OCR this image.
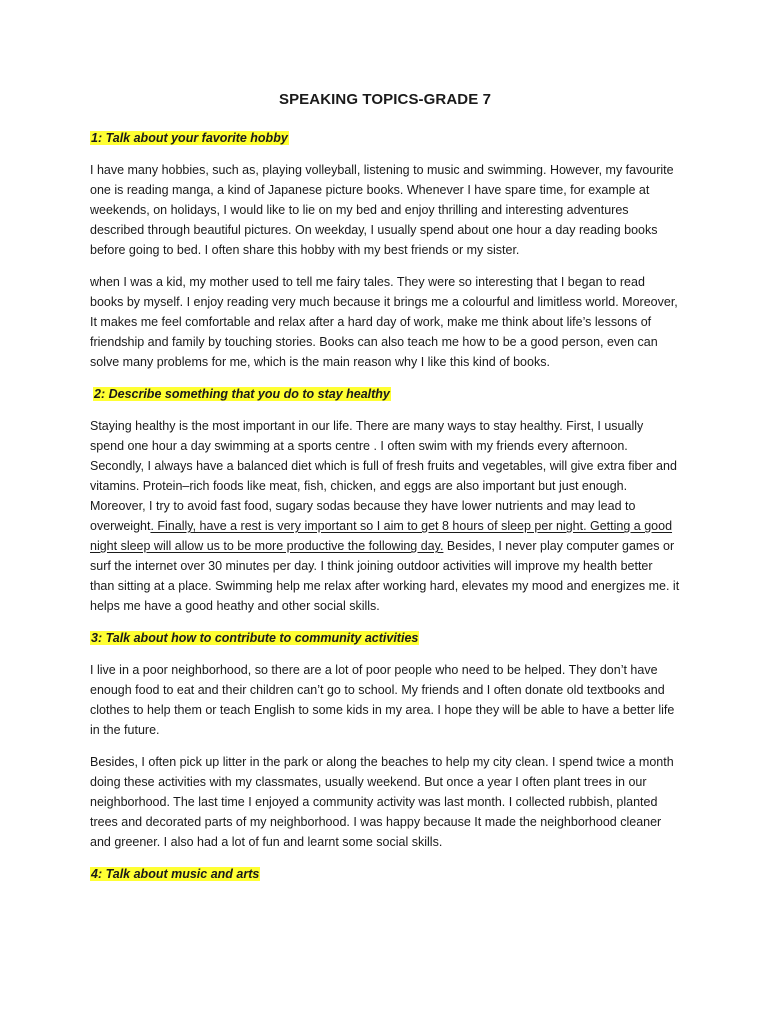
SPEAKING TOPICS-GRADE 7
1: Talk about your favorite hobby

I have many hobbies, such as, playing volleyball, listening to music and swimming. However, my favourite one is reading manga, a kind of Japanese picture books. Whenever I have spare time, for example at weekends, on holidays, I would like to lie on my bed and enjoy thrilling and interesting adventures described through beautiful pictures. On weekday, I usually spend about one hour a day reading books before going to bed. I often share this hobby with my best friends or my sister.

when I was a kid, my mother used to tell me fairy tales. They were so interesting that I began to read books by myself. I enjoy reading very much because it brings me a colourful and limitless world. Moreover, It makes me feel comfortable and relax after a hard day of work, make me think about life’s lessons of friendship and family by touching stories. Books can also teach me how to be a good person, even can solve many problems for me, which is the main reason why I like this kind of books.

2: Describe something that you do to stay healthy

Staying healthy is the most important in our life. There are many ways to stay healthy. First, I usually spend one hour a day swimming at a sports centre . I often swim with my friends every afternoon. Secondly, I always have a balanced diet which is full of fresh fruits and vegetables, will give extra fiber and vitamins. Protein–rich foods like meat, fish, chicken, and eggs are also important but just enough. Moreover, I try to avoid fast food, sugary sodas because they have lower nutrients and may lead to overweight. Finally, have a rest is very important so I aim to get 8 hours of sleep per night. Getting a good night sleep will allow us to be more productive the following day. Besides, I never play computer games or surf the internet over 30 minutes per day. I think joining outdoor activities will improve my health better than sitting at a place. Swimming help me relax after working hard, elevates my mood and energizes me. it helps me have a good heathy and other social skills.

3: Talk about how to contribute to community activities

I live in a poor neighborhood, so there are a lot of poor people who need to be helped. They don’t have enough food to eat and their children can’t go to school. My friends and I often donate old textbooks and clothes to help them or teach English to some kids in my area. I hope they will be able to have a better life in the future.

Besides, I often pick up litter in the park or along the beaches to help my city clean. I spend twice a month doing these activities with my classmates, usually weekend. But once a year I often plant trees in our neighborhood. The last time I enjoyed a community activity was last month. I collected rubbish, planted trees and decorated parts of my neighborhood. I was happy because It made the neighborhood cleaner and greener. I also had a lot of fun and learnt some social skills.

4: Talk about music and arts
